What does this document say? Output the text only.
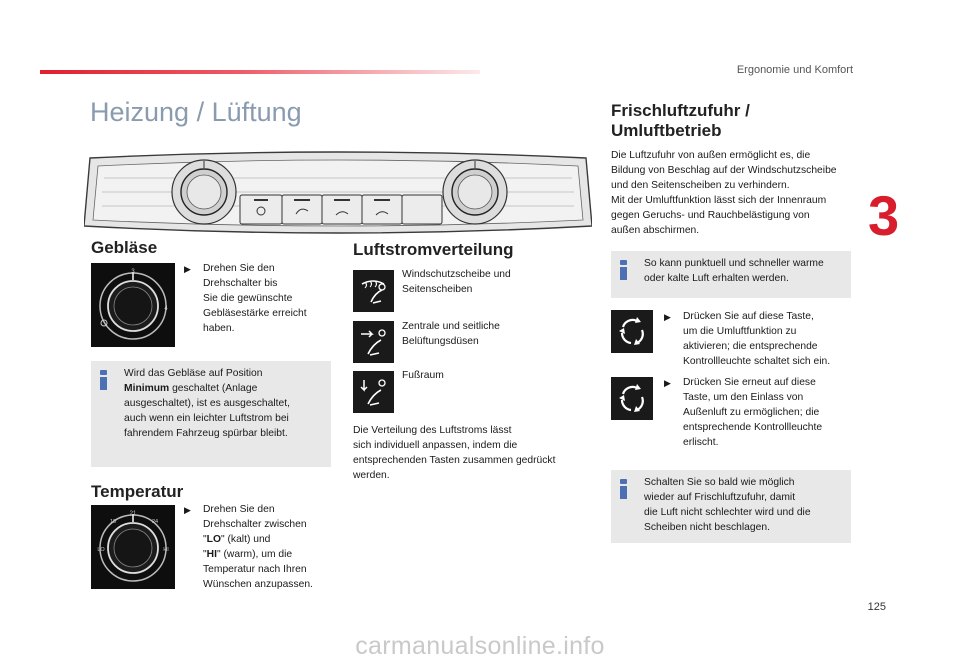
Ergonomie und Komfort
3
Heizung / Lüftung
Gebläse
3
4
▶	Drehen Sie den
Drehschalter bis
Sie die gewünschte
Gebläsestärke erreicht
haben.
Wird das Gebläse auf Position
Minimum geschaltet (Anlage
ausgeschaltet), ist es ausgeschaltet,
auch wenn ein leichter Luftstrom bei
fahrendem Fahrzeug spürbar bleibt.
Temperatur
21
18	24
LO	HI
▶	Drehen Sie den
Drehschalter zwischen
"LO" (kalt) und
"HI" (warm), um die
Temperatur nach Ihren
Wünschen anzupassen.
Luftstromverteilung
Windschutzscheibe und
Seitenscheiben
Zentrale und seitliche
Belüftungsdüsen
Fußraum
Die Verteilung des Luftstroms lässt
sich individuell anpassen, indem die
entsprechenden Tasten zusammen gedrückt
werden.
Frischluftzufuhr /
Umluftbetrieb
Die Luftzufuhr von außen ermöglicht es, die
Bildung von Beschlag auf der Windschutzscheibe
und den Seitenscheiben zu verhindern.
Mit der Umluftfunktion lässt sich der Innenraum
gegen Geruchs- und Rauchbelästigung von
außen abschirmen.
So kann punktuell und schneller warme
oder kalte Luft erhalten werden.
▶	Drücken Sie auf diese Taste,
um die Umluftfunktion zu
aktivieren; die entsprechende
Kontrollleuchte schaltet sich ein.
▶	Drücken Sie erneut auf diese
Taste, um den Einlass von
Außenluft zu ermöglichen; die
entsprechende Kontrollleuchte
erlischt.
Schalten Sie so bald wie möglich
wieder auf Frischluftzufuhr, damit
die Luft nicht schlechter wird und die
Scheiben nicht beschlagen.
125
carmanualsonline.info
